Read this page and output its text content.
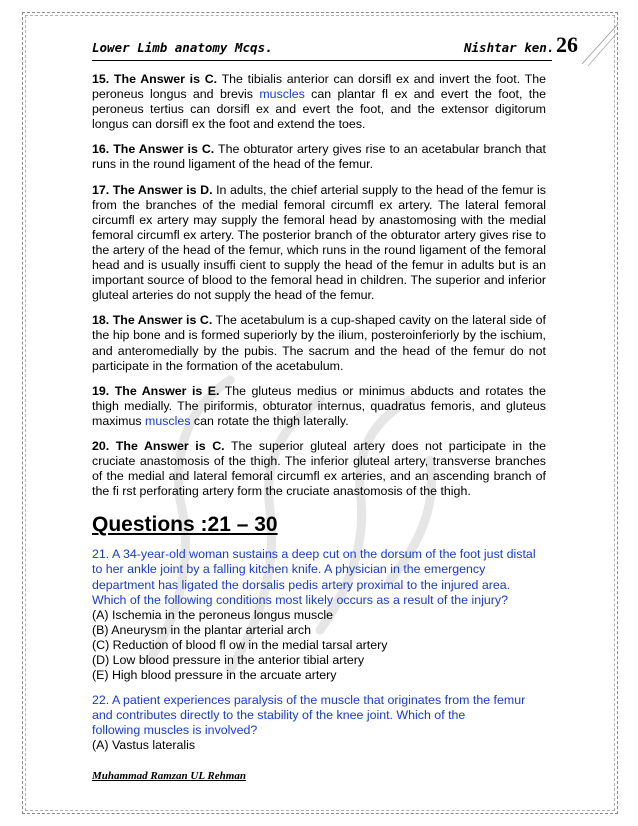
Lower Limb anatomy Mcqs.	Nishtar ken. 26

15. The Answer is C. The tibialis anterior can dorsifl ex and invert the foot. The peroneus longus and brevis muscles can plantar fl ex and evert the foot, the peroneus tertius can dorsifl ex and evert the foot, and the extensor digitorum longus can dorsifl ex the foot and extend the toes.

16. The Answer is C. The obturator artery gives rise to an acetabular branch that runs in the round ligament of the head of the femur.

17. The Answer is D. In adults, the chief arterial supply to the head of the femur is from the branches of the medial femoral circumfl ex artery. The lateral femoral circumfl ex artery may supply the femoral head by anastomosing with the medial femoral circumfl ex artery. The posterior branch of the obturator artery gives rise to the artery of the head of the femur, which runs in the round ligament of the femoral head and is usually insuffi cient to supply the head of the femur in adults but is an important source of blood to the femoral head in children. The superior and inferior gluteal arteries do not supply the head of the femur.

18. The Answer is C. The acetabulum is a cup-shaped cavity on the lateral side of the hip bone and is formed superiorly by the ilium, posteroinferiorly by the ischium, and anteromedially by the pubis. The sacrum and the head of the femur do not participate in the formation of the acetabulum.

19. The Answer is E. The gluteus medius or minimus abducts and rotates the thigh medially. The piriformis, obturator internus, quadratus femoris, and gluteus maximus muscles can rotate the thigh laterally.

20. The Answer is C. The superior gluteal artery does not participate in the cruciate anastomosis of the thigh. The inferior gluteal artery, transverse branches of the medial and lateral femoral circumfl ex arteries, and an ascending branch of the fi rst perforating artery form the cruciate anastomosis of the thigh.

Questions :21 – 30
21. A 34-year-old woman sustains a deep cut on the dorsum of the foot just distal
to her ankle joint by a falling kitchen knife. A physician in the emergency
department has ligated the dorsalis pedis artery proximal to the injured area.
Which of the following conditions most likely occurs as a result of the injury?
(A) Ischemia in the peroneus longus muscle
(B) Aneurysm in the plantar arterial arch
(C) Reduction of blood fl ow in the medial tarsal artery
(D) Low blood pressure in the anterior tibial artery
(E) High blood pressure in the arcuate artery
22. A patient experiences paralysis of the muscle that originates from the femur
and contributes directly to the stability of the knee joint. Which of the
following muscles is involved?
(A) Vastus lateralis
Muhammad Ramzan UL Rehman
